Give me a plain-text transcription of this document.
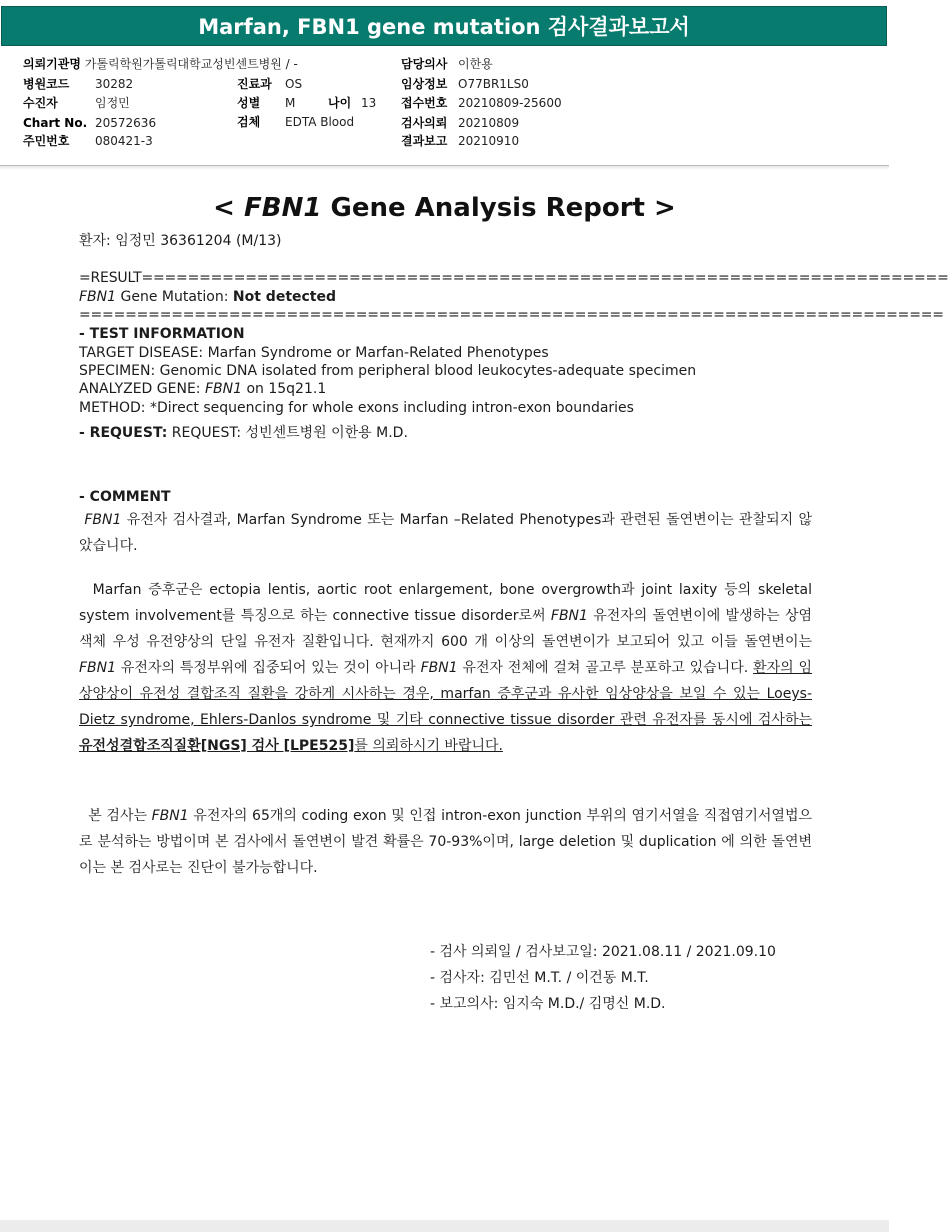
Marfan, FBN1 gene mutation 검사결과보고서
의뢰기관명 가톨릭학원가톨릭대학교성빈센트병원 / -
병원코드 30282
수진자	임정민
Chart No. 20572636
주민번호 080421-3
진료과 OS
성별 M	나이 13
검체 EDTA Blood
담당의사 이한용
임상정보 O77BR1LS0
접수번호 20210809-25600
검사의뢰 20210809
결과보고 20210910
< FBN1 Gene Analysis Report >
환자: 임정민 36361204 (M/13)
=RESULT======================================================================
FBN1 Gene Mutation: Not detected
===========================================================================
- TEST INFORMATION
TARGET DISEASE: Marfan Syndrome or Marfan-Related Phenotypes
SPECIMEN: Genomic DNA isolated from peripheral blood leukocytes-adequate specimen
ANALYZED GENE: FBN1 on 15q21.1
METHOD: *Direct sequencing for whole exons including intron-exon boundaries
- REQUEST: REQUEST: 성빈센트병원 이한용 M.D.
- COMMENT

FBN1 유전자 검사결과, Marfan Syndrome 또는 Marfan –Related Phenotypes과 관련된 돌연변이는 관찰되지 않았습니다.

Marfan 증후군은 ectopia lentis, aortic root enlargement, bone overgrowth과 joint laxity 등의 skeletal system involvement를 특징으로 하는 connective tissue disorder로써 FBN1 유전자의 돌연변이에 발생하는 상염색체 우성 유전양상의 단일 유전자 질환입니다. 현재까지 600 개 이상의 돌연변이가 보고되어 있고 이들 돌연변이는 FBN1 유전자의 특정부위에 집중되어 있는 것이 아니라 FBN1 유전자 전체에 걸쳐 골고루 분포하고 있습니다. 환자의 임상양상이 유전성 결합조직 질환을 강하게 시사하는 경우, marfan 증후군과 유사한 임상양상을 보일 수 있는 Loeys-Dietz syndrome, Ehlers-Danlos syndrome 및 기타 connective tissue disorder 관련 유전자를 동시에 검사하는 유전성결합조직질환[NGS] 검사 [LPE525]를 의뢰하시기 바랍니다.

본 검사는 FBN1 유전자의 65개의 coding exon 및 인접 intron-exon junction 부위의 염기서열을 직접염기서열법으로 분석하는 방법이며 본 검사에서 돌연변이 발견 확률은 70-93%이며, large deletion 및 duplication 에 의한 돌연변이는 본 검사로는 진단이 불가능합니다.

- 검사 의뢰일 / 검사보고일: 2021.08.11 / 2021.09.10
- 검사자: 김민선 M.T. / 이건동 M.T.
- 보고의사: 임지숙 M.D./ 김명신 M.D.
